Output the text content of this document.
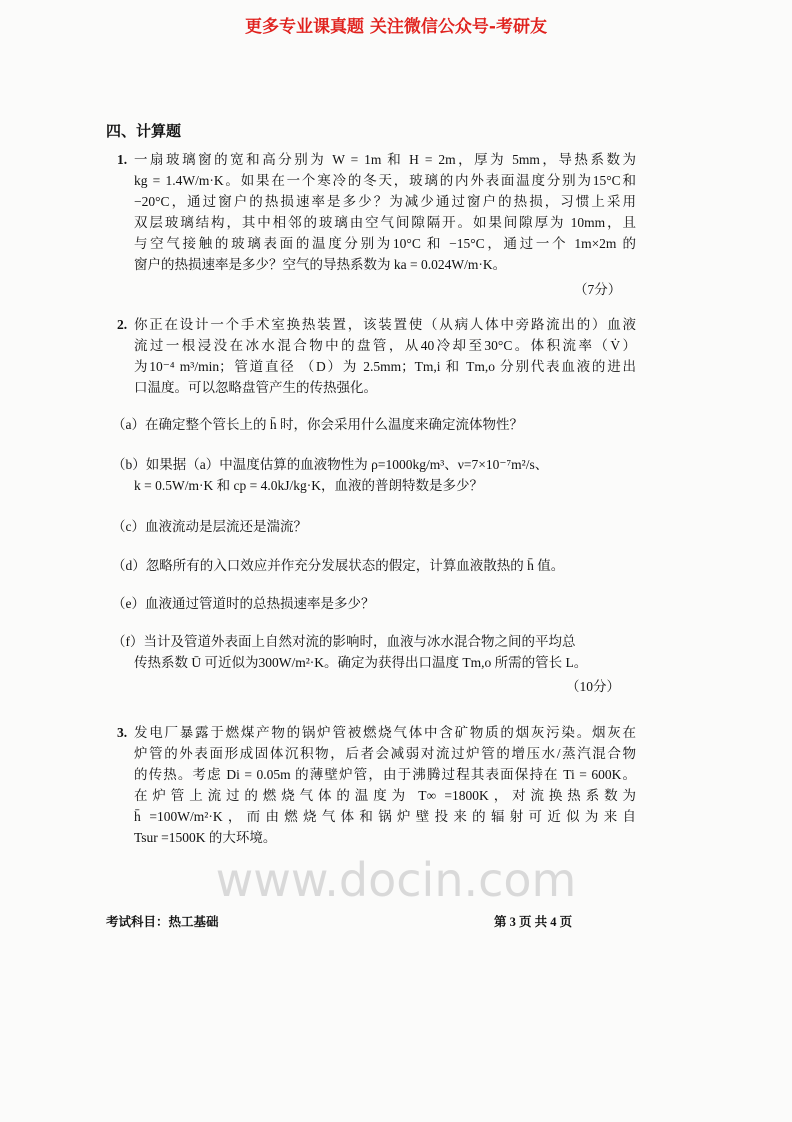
更多专业课真题 关注微信公众号-考研友
www.docin.com
四、计算题
1. 一扇玻璃窗的宽和高分别为 W = 1m 和 H = 2m，厚为 5mm，导热系数为
kg = 1.4W/m·K。如果在一个寒冷的冬天，玻璃的内外表面温度分别为15°C和
−20°C，通过窗户的热损速率是多少？为减少通过窗户的热损，习惯上采用
双层玻璃结构，其中相邻的玻璃由空气间隙隔开。如果间隙厚为 10mm，且
与空气接触的玻璃表面的温度分别为10°C 和 −15°C，通过一个 1m×2m 的
窗户的热损速率是多少？空气的导热系数为 ka = 0.024W/m·K。
（7分）
2. 你正在设计一个手术室换热装置，该装置使（从病人体中旁路流出的）血液
流过一根浸没在冰水混合物中的盘管，从40冷却至30°C。体积流率（V̇）
为10⁻⁴ m³/min；管道直径 （D）为 2.5mm；Tm,i 和 Tm,o 分别代表血液的进出
口温度。可以忽略盘管产生的传热强化。
（a）在确定整个管长上的 h̄ 时，你会采用什么温度来确定流体物性？
（b）如果据（a）中温度估算的血液物性为 ρ=1000kg/m³、ν=7×10⁻⁷m²/s、
k = 0.5W/m·K 和 cp = 4.0kJ/kg·K，血液的普朗特数是多少？
（c）血液流动是层流还是湍流？
（d）忽略所有的入口效应并作充分发展状态的假定，计算血液散热的 h̄ 值。
（e）血液通过管道时的总热损速率是多少？
（f）当计及管道外表面上自然对流的影响时，血液与冰水混合物之间的平均总
传热系数 Ū 可近似为300W/m²·K。确定为获得出口温度 Tm,o 所需的管长 L。
（10分）
3. 发电厂暴露于燃煤产物的锅炉管被燃烧气体中含矿物质的烟灰污染。烟灰在
炉管的外表面形成固体沉积物，后者会减弱对流过炉管的增压水/蒸汽混合物
的传热。考虑 Di = 0.05m 的薄壁炉管，由于沸腾过程其表面保持在 Ti = 600K。
在炉管上流过的燃烧气体的温度为 T∞ =1800K，对流换热系数为
h̄ =100W/m²·K，而由燃烧气体和锅炉壁投来的辐射可近似为来自
Tsur =1500K 的大环境。
考试科目：热工基础	第 3 页 共 4 页
